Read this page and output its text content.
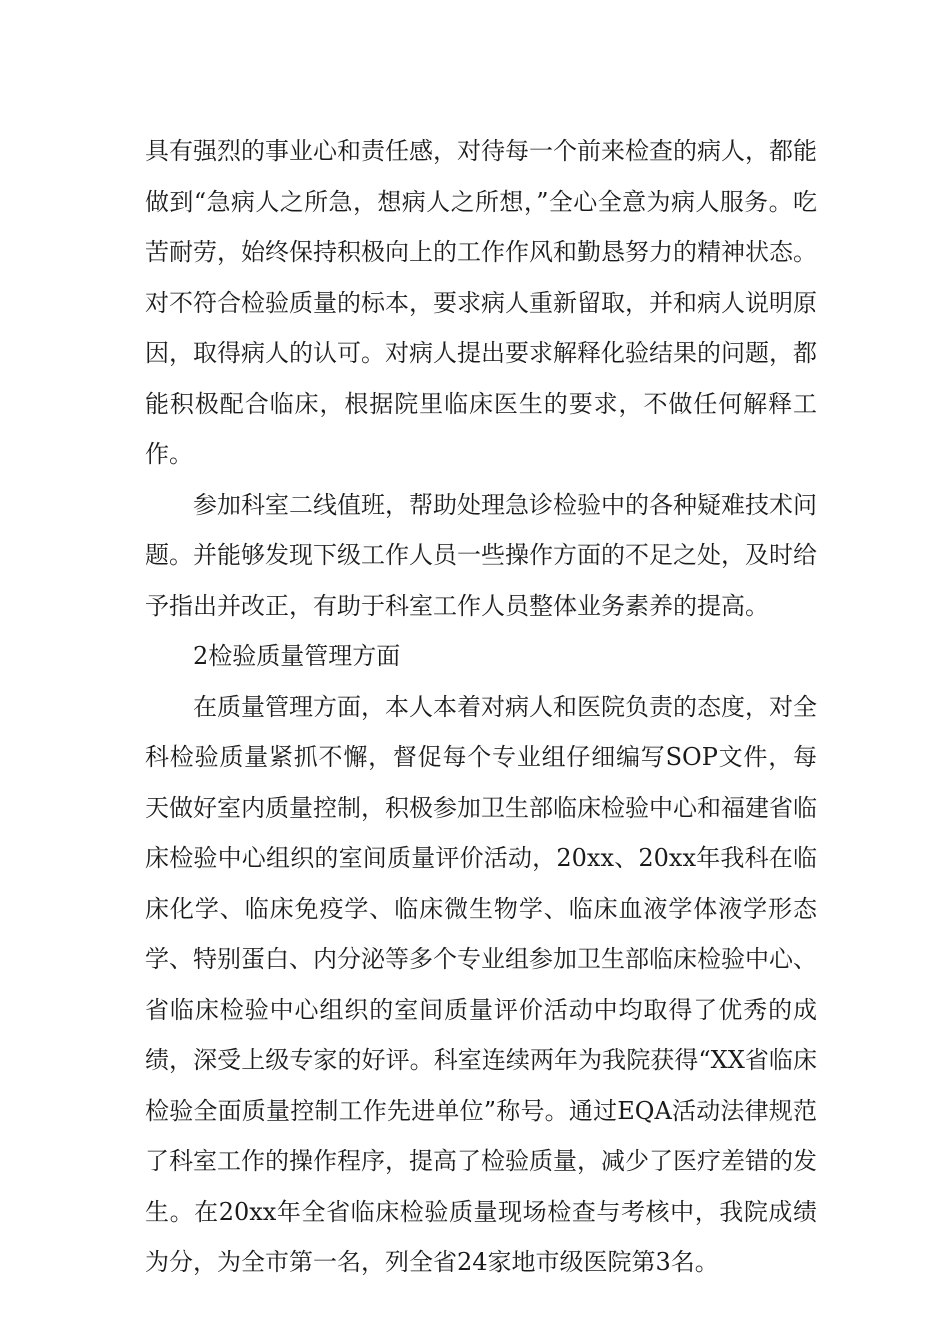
具有强烈的事业心和责任感，对待每一个前来检查的病人，都能做到“急病人之所急，想病人之所想，”全心全意为病人服务。吃苦耐劳，始终保持积极向上的工作作风和勤恳努力的精神状态。对不符合检验质量的标本，要求病人重新留取，并和病人说明原因，取得病人的认可。对病人提出要求解释化验结果的问题，都能积极配合临床，根据院里临床医生的要求，不做任何解释工作。

参加科室二线值班，帮助处理急诊检验中的各种疑难技术问题。并能够发现下级工作人员一些操作方面的不足之处，及时给予指出并改正，有助于科室工作人员整体业务素养的提高。

2检验质量管理方面

在质量管理方面，本人本着对病人和医院负责的态度，对全科检验质量紧抓不懈，督促每个专业组仔细编写SOP文件，每天做好室内质量控制，积极参加卫生部临床检验中心和福建省临床检验中心组织的室间质量评价活动，20xx、20xx年我科在临床化学、临床免疫学、临床微生物学、临床血液学体液学形态学、特别蛋白、内分泌等多个专业组参加卫生部临床检验中心、省临床检验中心组织的室间质量评价活动中均取得了优秀的成绩，深受上级专家的好评。科室连续两年为我院获得“XX省临床检验全面质量控制工作先进单位”称号。通过EQA活动法律规范了科室工作的操作程序，提高了检验质量，减少了医疗差错的发生。在20xx年全省临床检验质量现场检查与考核中，我院成绩为分，为全市第一名，列全省24家地市级医院第3名。
